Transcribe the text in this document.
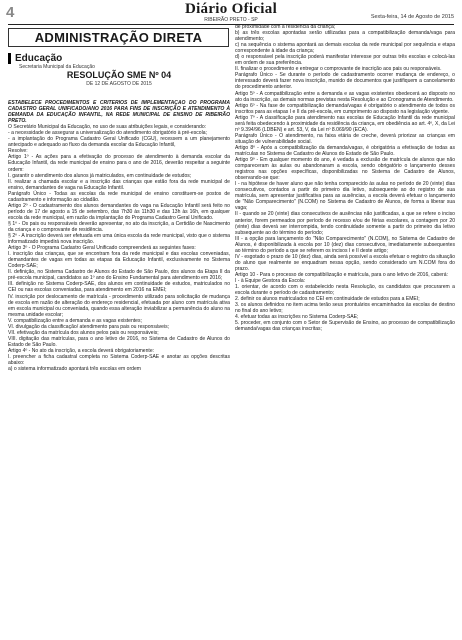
4	Diário Oficial
RIBEIRÃO PRETO - SP	Sexta-feira, 14 de Agosto de 2015
ADMINISTRAÇÃO DIRETA
Educação
Secretaria Municipal da Educação
RESOLUÇÃO SME Nº 04
DE 12 DE AGOSTO DE 2015

ESTABELECE PROCEDIMENTOS E CRITÉRIOS DE IMPLEMENTAÇÃO DO PROGRAMA CADASTRO GERAL UNIFICADO/ANO 2016 PARA FINS DE INSCRIÇÃO E ATENDIMENTO À DEMANDA DA EDUCAÇÃO INFANTIL, NA REDE MUNICIPAL DE ENSINO DE RIBEIRÃO PRETO.

O Secretário Municipal da Educação, no uso de suas atribuições legais, e considerando:

- a necessidade de assegurar a universalização do atendimento obrigatório à pré-escola;

- a implantação do Programa Cadastro Geral Unificado (CGU), recessem a um planejamento antecipado e adequado ao fluxo da demanda escolar da Educação Infantil,

Resolve:

Artigo 1º - As ações para a efetivação do processo de atendimento à demanda escolar da Educação Infantil, da rede municipal de ensino para o ano de 2016, deverão respeitar a seguinte ordem:

I. garantir o atendimento dos alunos já matriculados, em continuidade de estudos;

II. realizar a chamada escolar e a inscrição das crianças que estão fora da rede municipal de ensino, demandantes de vaga na Educação Infantil.

Parágrafo Único - Todas as escolas da rede municipal de ensino constituem-se postos de cadastramento e informação ao cidadão.

Artigo 2º - O cadastramento dos alunos demandantes do vaga na Educação Infantil será feito no período de 17 de agosto a 15 de setembro, das 7h30 às 11h30 e das 13h às 16h, em qualquer escola da rede municipal, em razão da implantação do Programa Cadastro Geral Unificado.

§ 1º - Os pais ou responsáveis deverão apresentar, no ato da inscrição, a Certidão de Nascimento da criança e o comprovante de residência.

§ 2º - A inscrição deverá ser efetuada em uma única escola da rede municipal, visto que o sistema informatizado impedirá nova inscrição.

Artigo 3º - O Programa Cadastro Geral Unificado compreenderá as seguintes fases:

I. inscrição das crianças, que se encontram fora da rede municipal e das escolas conveniadas, demandantes de vagas em todas as etapas da Educação Infantil, exclusivamente no Sistema Coderp-SAE;

II. definição, no Sistema Cadastro de Alunos do Estado de São Paulo, dos alunos da Etapa II da pré-escola municipal, candidatos ao 1º ano do Ensino Fundamental para atendimento em 2016;

III. definição no Sistema Coderp-SAE, dos alunos em continuidade de estudos, matriculados no CEI ou nas escolas conveniadas, para atendimento em 2016 na EMEI;

IV. inscrição por deslocamento de matrícula - procedimento utilizado para solicitação de mudança de escola em razão de alteração do endereço residencial, efetuada por aluno com matrícula ativa em escola municipal ou conveniada, quando essa alteração inviabilizar a permanência do aluno na mesma unidade escolar;

V. compatibilização entre a demanda e as vagas existentes;

VI. divulgação da classificação/ atendimento para pais ou responsáveis;

VII. efetivação da matrícula dos alunos pelos pais ou responsáveis;

VIII. digitação das matrículas, para o ano letivo de 2016, no Sistema de Cadastro de Alunos do Estado de São Paulo.

Artigo 4º - No ato da inscrição, a escola deverá obrigatoriamente:

I. preencher a ficha cadastral completa no Sistema Coderp-SAE e anotar as opções descritas abaixo:

a) o sistema informatizado apontará três escolas em ordem

de proximidade com a residência da criança;

b) as três escolas apontadas serão utilizadas para a compatibilização demanda/vaga para atendimento;

c) na sequência o sistema apontará as demais escolas da rede municipal por sequência e etapa correspondente à idade da criança;

d) o responsável pela inscrição poderá manifestar interesse por outras três escolas e colocá-las em ordem de sua preferência.

II. finalizar o procedimento e entregar o comprovante de inscrição aos pais ou responsáveis.

Parágrafo Único - Se durante o período de cadastramento ocorrer mudança de endereço, o interessado deverá fazer nova inscrição, munido de documentos que justifiquem a cancelamento do procedimento anterior.

Artigo 5º - A compatibilização entre a demanda e as vagas existentes obedecerá ao disposto no ato da inscrição, as demais normas previstas nesta Resolução e ao Cronograma de Atendimento.

Artigo 6º - Na fase de compatibilização demanda/vagas é obrigatório o atendimento de todos os inscritos para as etapas I e II da pré-escola, em cumprimento ao disposto na legislação vigente.

Artigo 7º - A classificação para atendimento nas escolas de Educação Infantil da rede municipal será feita obedecendo à proximidade da residência da criança, em obediência ao art. 4º, X, da Lei nº 9.394/96 (LDBEN) e art. 53, V, da Lei nº 8.069/90 (ECA).

Parágrafo Único - O atendimento, na faixa etária de creche, deverá priorizar as crianças em situação de vulnerabilidade social.

Artigo 8º - Após a compatibilização da demanda/vagas, é obrigatória a efetivação de todas as matrículas no Sistema de Cadastro de Alunos do Estado de São Paulo.

Artigo 9º - Em qualquer momento do ano, é vedada a exclusão de matrícula de alunos que não compareceram às aulas ou abandonaram a escola, sendo obrigatório o lançamento desses registros nas opções específicas, disponibilizadas no Sistema de Cadastro de Alunos, observando-se que:

I - na hipótese de haver aluno que não tenha comparecido às aulas no período de 20 (vinte) dias consecutivos, contados a partir do primeiro dia letivo, subsequente ao do registro de sua matrícula, sem apresentar justificativa para as ausências, a escola deverá efetuar o lançamento de "Não Comparecimento" (N.COM) no Sistema de Cadastro de Alunos, de forma a liberar sua vaga;

II - quando se 20 (vinte) dias consecutivos de ausências não justificadas, a que se refere o inciso anterior, forem permeados por período de recesso e/ou de férias escolares, a contagem por 20 (vinte) dias deverá ser interrompida, tendo continuidade somente a partir do primeiro dia letivo subsequente ao do término do período;

III - a opção para lançamento do "Não Comparecimento" (N.COM), no Sistema de Cadastro de Alunos, é disponibilizada à escola por 10 (dez) dias consecutivos, imediatamente subsequentes ao término do período a que se referem os incisos I e II deste artigo;

IV - esgotado o prazo de 10 (dez) dias, ainda será possível a escola efetuar o registro da situação do aluno que realmente se enquadram nessa opção, sendo considerado um N.COM fora do prazo.

Artigo 10 - Para o processo de compatibilização e matrícula, para o ano letivo de 2016, caberá:

I - à Equipe Gestora da Escola:

1. orientar, de acordo com o estabelecido nesta Resolução, os candidatos que procurarem a escola durante o período de cadastramento;

2. definir os alunos matriculados no CEI em continuidade de estudos para a EMEI;

3. os alunos definidos no item acima terão seus prontuários encaminhados às escolas de destino no final do ano letivo;

4. efetuar todas as inscrições no Sistema Coderp-SAE;

5. proceder, em conjunto com o Setor de Supervisão de Ensino, ao processo de compatibilização demanda/vagas das crianças inscritas;
